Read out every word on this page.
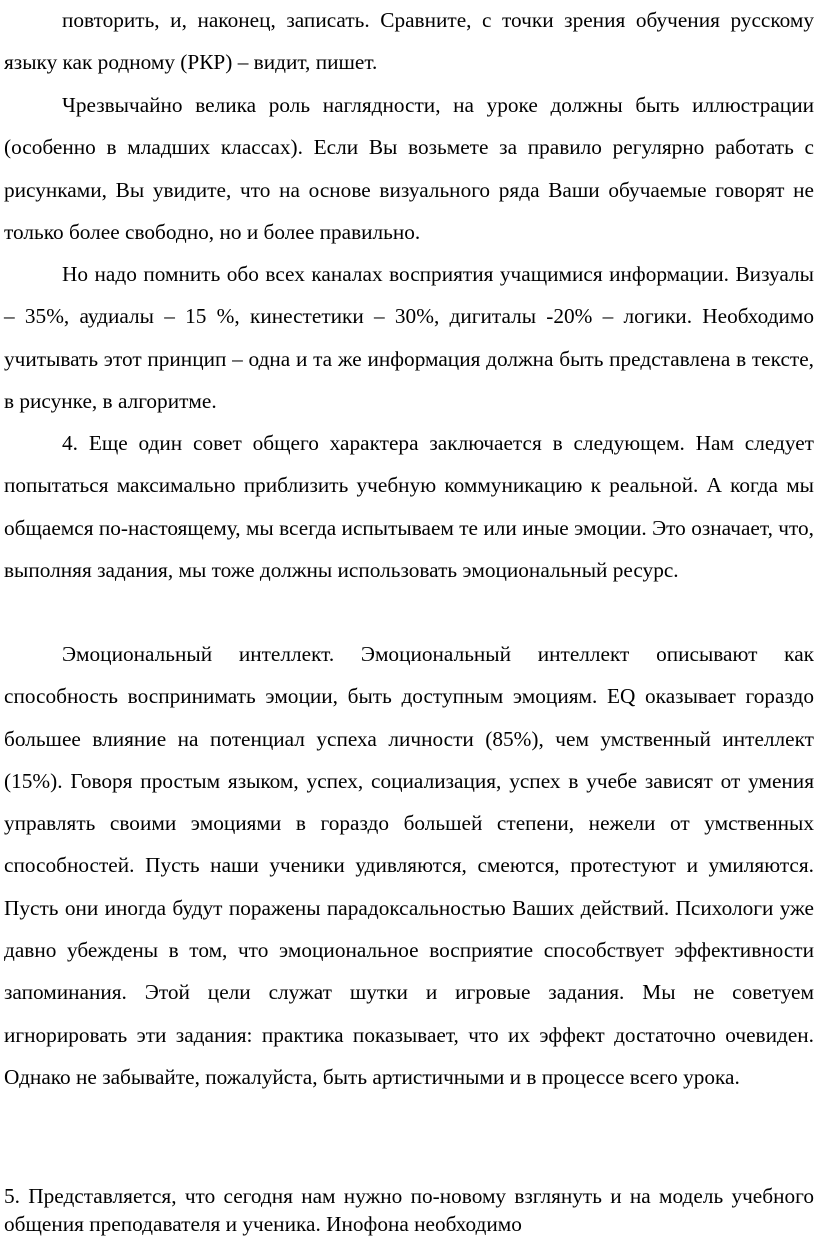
повторить, и, наконец, записать. Сравните, с точки зрения обучения русскому языку как родному (РКР) – видит, пишет.

Чрезвычайно велика роль наглядности, на уроке должны быть иллюстрации (особенно в младших классах). Если Вы возьмете за правило регулярно работать с рисунками, Вы увидите, что на основе визуального ряда Ваши обучаемые говорят не только более свободно, но и более правильно.

Но надо помнить обо всех каналах восприятия учащимися информации. Визуалы – 35%, аудиалы – 15 %, кинестетики – 30%, дигиталы -20% – логики. Необходимо учитывать этот принцип – одна и та же информация должна быть представлена в тексте, в рисунке, в алгоритме.

4. Еще один совет общего характера заключается в следующем. Нам следует попытаться максимально приблизить учебную коммуникацию к реальной. А когда мы общаемся по-настоящему, мы всегда испытываем те или иные эмоции. Это означает, что, выполняя задания, мы тоже должны использовать эмоциональный ресурс.

Эмоциональный интеллект. Эмоциональный интеллект описывают как способность воспринимать эмоции, быть доступным эмоциям. EQ оказывает гораздо большее влияние на потенциал успеха личности (85%), чем умственный интеллект (15%). Говоря простым языком, успех, социализация, успех в учебе зависят от умения управлять своими эмоциями в гораздо большей степени, нежели от умственных способностей. Пусть наши ученики удивляются, смеются, протестуют и умиляются. Пусть они иногда будут поражены парадоксальностью Ваших действий. Психологи уже давно убеждены в том, что эмоциональное восприятие способствует эффективности запоминания. Этой цели служат шутки и игровые задания. Мы не советуем игнорировать эти задания: практика показывает, что их эффект достаточно очевиден. Однако не забывайте, пожалуйста, быть артистичными и в процессе всего урока.

5. Представляется, что сегодня нам нужно по-новому взглянуть и на модель учебного общения преподавателя и ученика. Инофона необходимо
